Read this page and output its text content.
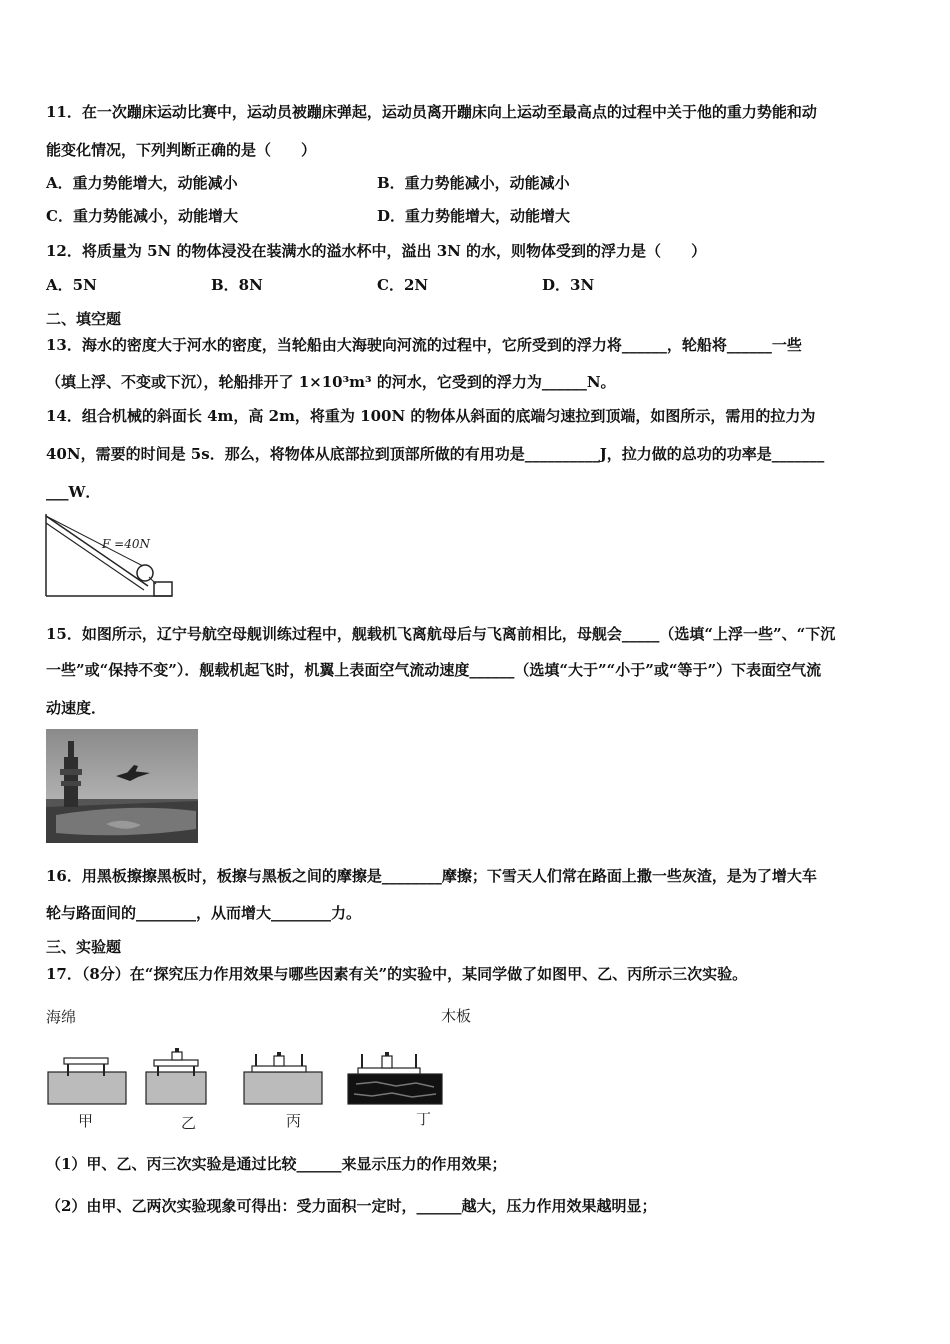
11．在一次蹦床运动比赛中，运动员被蹦床弹起，运动员离开蹦床向上运动至最高点的过程中关于他的重力势能和动
能变化情况，下列判断正确的是（　　）
A．重力势能增大，动能减小	B．重力势能减小，动能减小
C．重力势能减小，动能增大	D．重力势能增大，动能增大
12．将质量为 5N 的物体浸没在装满水的溢水杯中，溢出 3N 的水，则物体受到的浮力是（　　）
A．5N	B．8N	C．2N	D．3N
二、填空题
13．海水的密度大于河水的密度，当轮船由大海驶向河流的过程中，它所受到的浮力将______，轮船将______一些
（填上浮、不变或下沉），轮船排开了 1×10³m³ 的河水，它受到的浮力为______N。
14．组合机械的斜面长 4m，高 2m，将重为 100N 的物体从斜面的底端匀速拉到顶端，如图所示，需用的拉力为
40N，需要的时间是 5s．那么，将物体从底部拉到顶部所做的有用功是__________J，拉力做的总功的功率是_______
___W．
F =40N
15．如图所示，辽宁号航空母舰训练过程中，舰载机飞离航母后与飞离前相比，母舰会_____（选填“上浮一些”、“下沉
一些”或“保持不变”）．舰载机起飞时，机翼上表面空气流动速度______（选填“大于”“小于”或“等于”）下表面空气流
动速度．
16．用黑板擦擦黑板时，板擦与黑板之间的摩擦是________摩擦；下雪天人们常在路面上撒一些灰渣，是为了增大车
轮与路面间的________，从而增大________力。
三、实验题
17．（8分）在“探究压力作用效果与哪些因素有关”的实验中，某同学做了如图甲、乙、丙所示三次实验。
海绵	木板
甲	乙	丙	丁
（1）甲、乙、丙三次实验是通过比较______来显示压力的作用效果；
（2）由甲、乙两次实验现象可得出：受力面积一定时，______越大，压力作用效果越明显；
